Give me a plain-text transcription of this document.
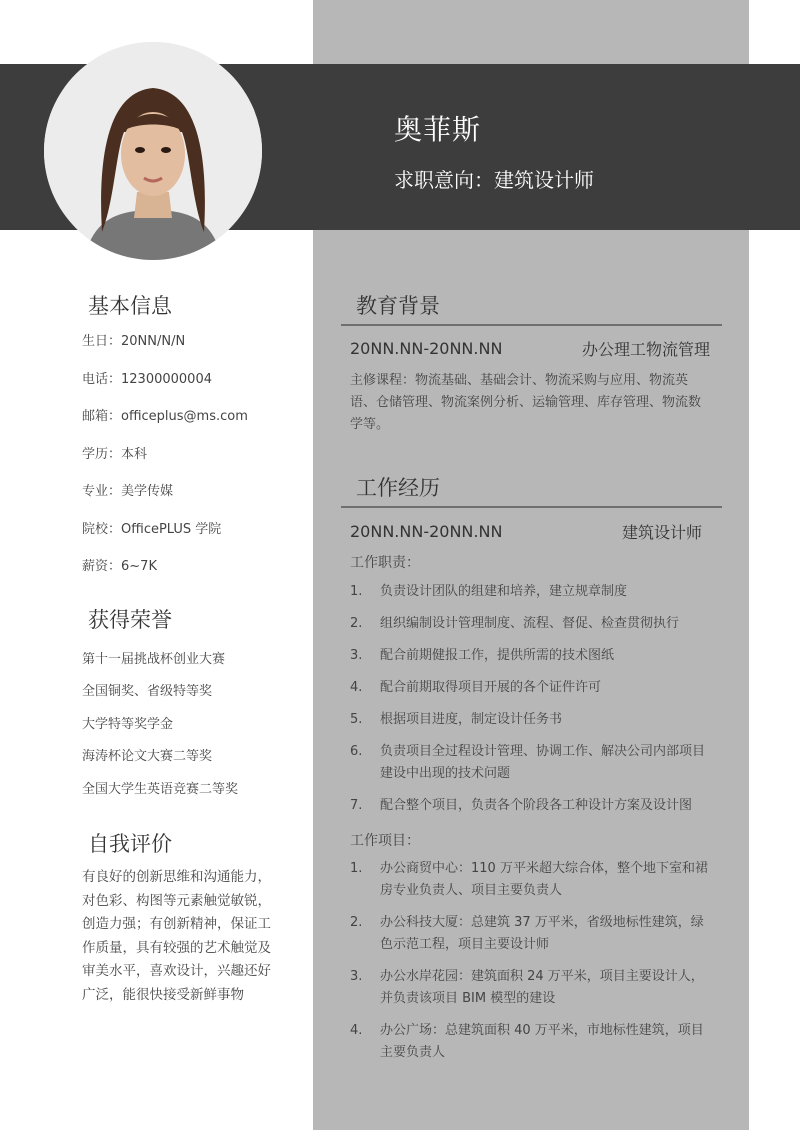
奥菲斯
求职意向：建筑设计师
基本信息
生日：20NN/N/N
电话：12300000004
邮箱：officeplus@ms.com
学历：本科
专业：美学传媒
院校：OfficePLUS 学院
薪资：6~7K
获得荣誉
第十一届挑战杯创业大赛
全国铜奖、省级特等奖
大学特等奖学金
海涛杯论文大赛二等奖
全国大学生英语竞赛二等奖
自我评价
有良好的创新思维和沟通能力，对色彩、构图等元素触觉敏锐，创造力强；有创新精神，保证工作质量，具有较强的艺术触觉及审美水平，喜欢设计，兴趣还好广泛，能很快接受新鲜事物
教育背景
20NN.NN-20NN.NN	办公理工物流管理
主修课程：物流基础、基础会计、物流采购与应用、物流英语、仓储管理、物流案例分析、运输管理、库存管理、物流数学等。
工作经历
20NN.NN-20NN.NN	建筑设计师
工作职责：
1.	负责设计团队的组建和培养，建立规章制度
2.	组织编制设计管理制度、流程、督促、检查贯彻执行
3.	配合前期健报工作，提供所需的技术图纸
4.	配合前期取得项目开展的各个证件许可
5.	根据项目进度，制定设计任务书
6.	负责项目全过程设计管理、协调工作、解决公司内部项目建设中出现的技术问题
7.	配合整个项目，负责各个阶段各工种设计方案及设计图
工作项目：
1.	办公商贸中心：110 万平米超大综合体，整个地下室和裙房专业负责人、项目主要负责人
2.	办公科技大厦：总建筑 37 万平米，省级地标性建筑，绿色示范工程，项目主要设计师
3.	办公水岸花园：建筑面积 24 万平米，项目主要设计人，并负责该项目 BIM 模型的建设
4.	办公广场：总建筑面积 40 万平米，市地标性建筑，项目主要负责人
